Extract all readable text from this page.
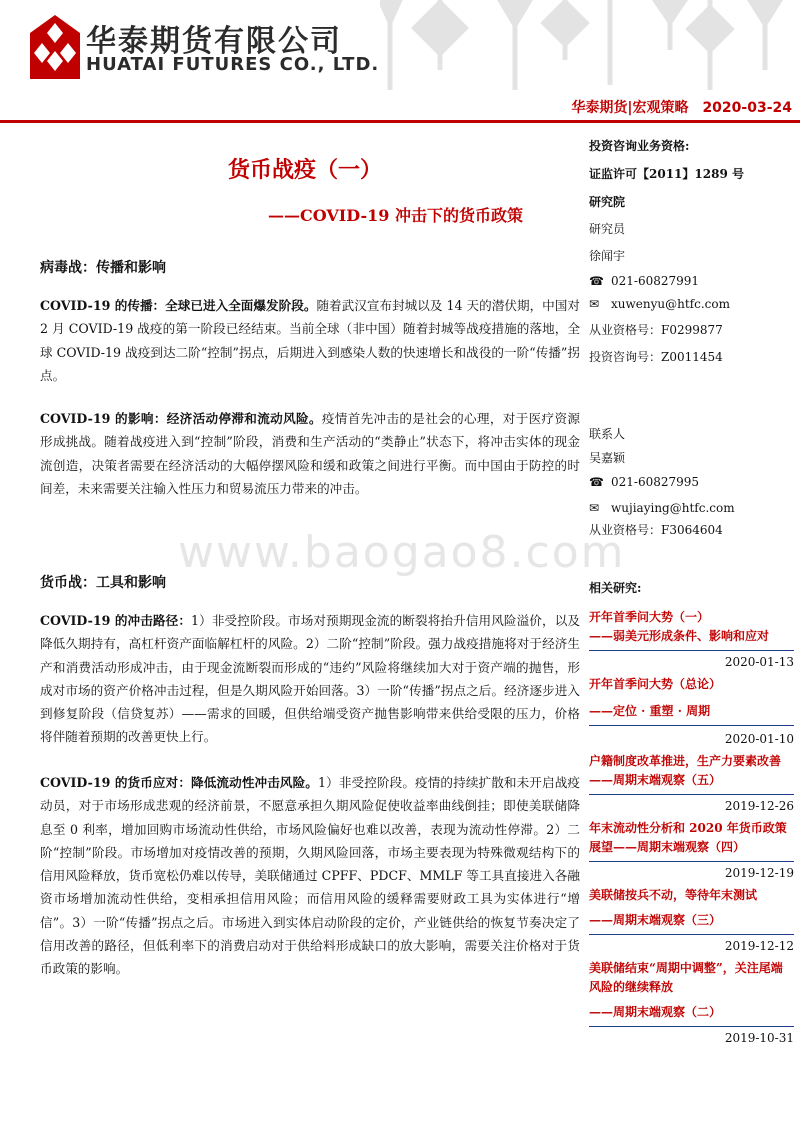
华泰期货有限公司
HUATAI FUTURES CO., LTD.
华泰期货|宏观策略　2020-03-24
货币战疫（一）
——COVID-19 冲击下的货币政策
病毒战：传播和影响
COVID-19 的传播：全球已进入全面爆发阶段。随着武汉宣布封城以及 14 天的潜伏期，中国对 2 月 COVID-19 战疫的第一阶段已经结束。当前全球（非中国）随着封城等战疫措施的落地，全球 COVID-19 战疫到达二阶“控制”拐点，后期进入到感染人数的快速增长和战役的一阶“传播”拐点。
COVID-19 的影响：经济活动停滞和流动风险。疫情首先冲击的是社会的心理，对于医疗资源形成挑战。随着战疫进入到“控制”阶段，消费和生产活动的“类静止”状态下，将冲击实体的现金流创造，决策者需要在经济活动的大幅停摆风险和缓和政策之间进行平衡。而中国由于防控的时间差，未来需要关注输入性压力和贸易流压力带来的冲击。
www.baogao8.com
货币战：工具和影响
COVID-19 的冲击路径：1）非受控阶段。市场对预期现金流的断裂将抬升信用风险溢价，以及降低久期持有，高杠杆资产面临解杠杆的风险。2）二阶“控制”阶段。强力战疫措施将对于经济生产和消费活动形成冲击，由于现金流断裂而形成的“违约”风险将继续加大对于资产端的抛售，形成对市场的资产价格冲击过程，但是久期风险开始回落。3）一阶“传播”拐点之后。经济逐步进入到修复阶段（信贷复苏）——需求的回暖，但供给端受资产抛售影响带来供给受限的压力，价格将伴随着预期的改善更快上行。
COVID-19 的货币应对：降低流动性冲击风险。1）非受控阶段。疫情的持续扩散和未开启战疫动员，对于市场形成悲观的经济前景，不愿意承担久期风险促使收益率曲线倒挂；即使美联储降息至 0 利率，增加回购市场流动性供给，市场风险偏好也难以改善，表现为流动性停滞。2）二阶“控制”阶段。市场增加对疫情改善的预期，久期风险回落，市场主要表现为特殊微观结构下的信用风险释放，货币宽松仍难以传导，美联储通过 CPFF、PDCF、MMLF 等工具直接进入各融资市场增加流动性供给，变相承担信用风险；而信用风险的缓释需要财政工具为实体进行“增信”。3）一阶“传播”拐点之后。市场进入到实体启动阶段的定价，产业链供给的恢复节奏决定了信用改善的路径，但低利率下的消费启动对于供给料形成缺口的放大影响，需要关注价格对于货币政策的影响。
投资咨询业务资格:
证监许可【2011】1289 号
研究院
研究员
徐闻宇
☎ 021-60827991
✉ xuwenyu@htfc.com
从业资格号：F0299877
投资咨询号：Z0011454
联系人
吴嘉颖
☎ 021-60827995
✉ wujiaying@htfc.com
从业资格号：F3064604
相关研究:
开年首季问大势（一）
——弱美元形成条件、影响和应对
2020-01-13
开年首季问大势（总论）
——定位 · 重塑 · 周期
2020-01-10
户籍制度改革推进，生产力要素改善——周期末端观察（五）
2019-12-26
年末流动性分析和 2020 年货币政策展望——周期末端观察（四）
2019-12-19
美联储按兵不动，等待年末测试
——周期末端观察（三）
2019-12-12
美联储结束“周期中调整”，关注尾端风险的继续释放
——周期末端观察（二）
2019-10-31
